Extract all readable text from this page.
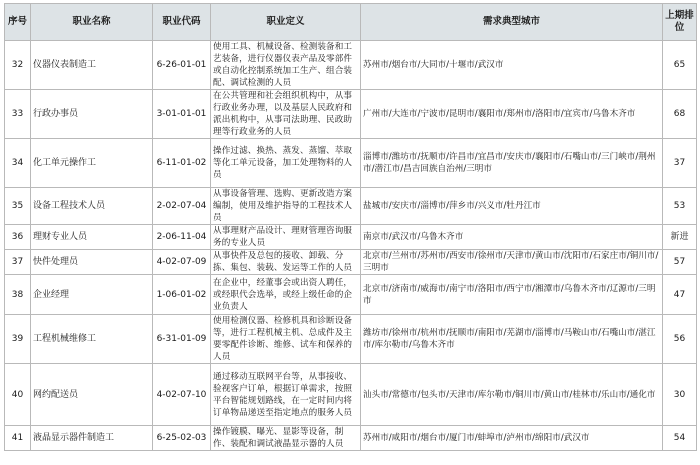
序号	职业名称	职业代码	职业定义	需求典型城市	上期排位
32	仪器仪表制造工	6-26-01-01	使用工具、机械设备、检测装备和工艺装备，进行仪器仪表产品及零部件或自动化控制系统加工生产、组合装配、调试检测的人员	苏州市/烟台市/大同市/十堰市/武汉市	65
33	行政办事员	3-01-01-01	在公共管理和社会组织机构中，从事行政业务办理，以及基层人民政府和派出机构中，从事司法助理、民政助理等行政业务的人员	广州市/大连市/宁波市/昆明市/襄阳市/郑州市/洛阳市/宜宾市/乌鲁木齐市	68
34	化工单元操作工	6-11-01-02	操作过滤、换热、蒸发、蒸馏、萃取等化工单元设备，加工处理物料的人员	淄博市/潍坊市/抚顺市/许昌市/宜昌市/安庆市/襄阳市/石嘴山市/三门峡市/荆州市/潜江市/昌吉回族自治州/三明市	37
35	设备工程技术人员	2-02-07-04	从事设备管理、选购、更新改造方案编制，使用及维护指导的工程技术人员	盐城市/安庆市/淄博市/萍乡市/兴义市/牡丹江市	53
36	理财专业人员	2-06-11-04	从事理财产品设计、理财管理咨询服务的专业人员	南京市/武汉市/乌鲁木齐市	新进
37	快件处理员	4-02-07-09	从事快件及总包的接收、卸载、分拣、集包、装载、发运等工作的人员	北京市/兰州市/苏州市/西安市/徐州市/天津市/黄山市/沈阳市/石家庄市/铜川市/三明市	57
38	企业经理	1-06-01-02	在企业中，经董事会或出资人聘任，或经职代会选举，或经上级任命的企业负责人	北京市/济南市/威海市/南宁市/洛阳市/西宁市/湘潭市/乌鲁木齐市/辽源市/三明市	47
39	工程机械维修工	6-31-01-09	使用检测仪器、检修机具和诊断设备等，进行工程机械主机、总成件及主要零配件诊断、维修、试车和保养的人员	潍坊市/徐州市/杭州市/抚顺市/南阳市/芜湖市/淄博市/马鞍山市/石嘴山市/湛江市/库尔勒市/乌鲁木齐市	56
40	网约配送员	4-02-07-10	通过移动互联网平台等，从事接收、验视客户订单，根据订单需求，按照平台智能规划路线，在一定时间内将订单物品递送至指定地点的服务人员	汕头市/常德市/包头市/天津市/库尔勒市/铜川市/黄山市/桂林市/乐山市/通化市	30
41	液晶显示器件制造工	6-25-02-03	操作镀膜、曝光、显影等设备，制作、装配和调试液晶显示器的人员	苏州市/咸阳市/烟台市/厦门市/蚌埠市/泸州市/绵阳市/武汉市	54
